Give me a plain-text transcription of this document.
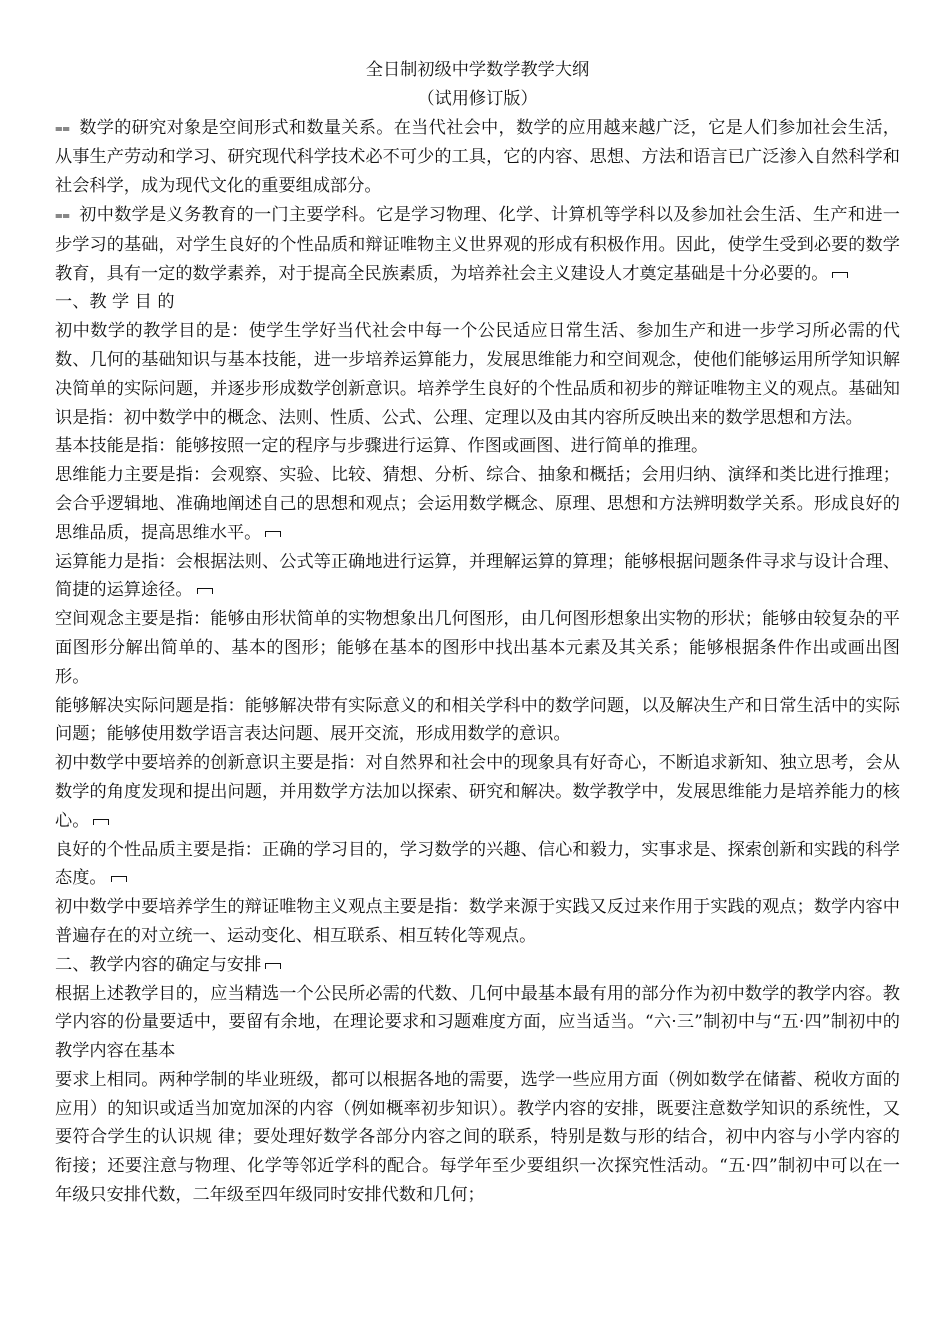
全日制初级中学数学教学大纲
（试用修订版）

⩵ 数学的研究对象是空间形式和数量关系。在当代社会中，数学的应用越来越广泛，它是人们参加社会生活，从事生产劳动和学习、研究现代科学技术必不可少的工具，它的内容、思想、方法和语言已广泛渗入自然科学和社会科学，成为现代文化的重要组成部分。

⩵ 初中数学是义务教育的一门主要学科。它是学习物理、化学、计算机等学科以及参加社会生活、生产和进一步学习的基础，对学生良好的个性品质和辩证唯物主义世界观的形成有积极作用。因此，使学生受到必要的数学教育，具有一定的数学素养，对于提高全民族素质，为培养社会主义建设人才奠定基础是十分必要的。

一、教 学 目 的

初中数学的教学目的是：使学生学好当代社会中每一个公民适应日常生活、参加生产和进一步学习所必需的代数、几何的基础知识与基本技能，进一步培养运算能力，发展思维能力和空间观念，使他们能够运用所学知识解决简单的实际问题，并逐步形成数学创新意识。培养学生良好的个性品质和初步的辩证唯物主义的观点。基础知识是指：初中数学中的概念、法则、性质、公式、公理、定理以及由其内容所反映出来的数学思想和方法。

基本技能是指：能够按照一定的程序与步骤进行运算、作图或画图、进行简单的推理。

思维能力主要是指：会观察、实验、比较、猜想、分析、综合、抽象和概括；会用归纳、演绎和类比进行推理；会合乎逻辑地、准确地阐述自己的思想和观点；会运用数学概念、原理、思想和方法辨明数学关系。形成良好的思维品质，提高思维水平。

运算能力是指：会根据法则、公式等正确地进行运算，并理解运算的算理；能够根据问题条件寻求与设计合理、简捷的运算途径。

空间观念主要是指：能够由形状简单的实物想象出几何图形，由几何图形想象出实物的形状；能够由较复杂的平面图形分解出简单的、基本的图形；能够在基本的图形中找出基本元素及其关系；能够根据条件作出或画出图形。

能够解决实际问题是指：能够解决带有实际意义的和相关学科中的数学问题，以及解决生产和日常生活中的实际问题；能够使用数学语言表达问题、展开交流，形成用数学的意识。

初中数学中要培养的创新意识主要是指：对自然界和社会中的现象具有好奇心，不断追求新知、独立思考，会从数学的角度发现和提出问题，并用数学方法加以探索、研究和解决。数学教学中，发展思维能力是培养能力的核心。

良好的个性品质主要是指：正确的学习目的，学习数学的兴趣、信心和毅力，实事求是、探索创新和实践的科学态度。

初中数学中要培养学生的辩证唯物主义观点主要是指：数学来源于实践又反过来作用于实践的观点；数学内容中普遍存在的对立统一、运动变化、相互联系、相互转化等观点。

二、教学内容的确定与安排

根据上述教学目的，应当精选一个公民所必需的代数、几何中最基本最有用的部分作为初中数学的教学内容。教学内容的份量要适中，要留有余地，在理论要求和习题难度方面，应当适当。“六·三”制初中与“五·四”制初中的教学内容在基本

要求上相同。两种学制的毕业班级，都可以根据各地的需要，选学一些应用方面（例如数学在储蓄、税收方面的应用）的知识或适当加宽加深的内容（例如概率初步知识）。教学内容的安排，既要注意数学知识的系统性，又要符合学生的认识规 律；要处理好数学各部分内容之间的联系，特别是数与形的结合，初中内容与小学内容的衔接；还要注意与物理、化学等邻近学科的配合。每学年至少要组织一次探究性活动。“五·四”制初中可以在一年级只安排代数，二年级至四年级同时安排代数和几何；
